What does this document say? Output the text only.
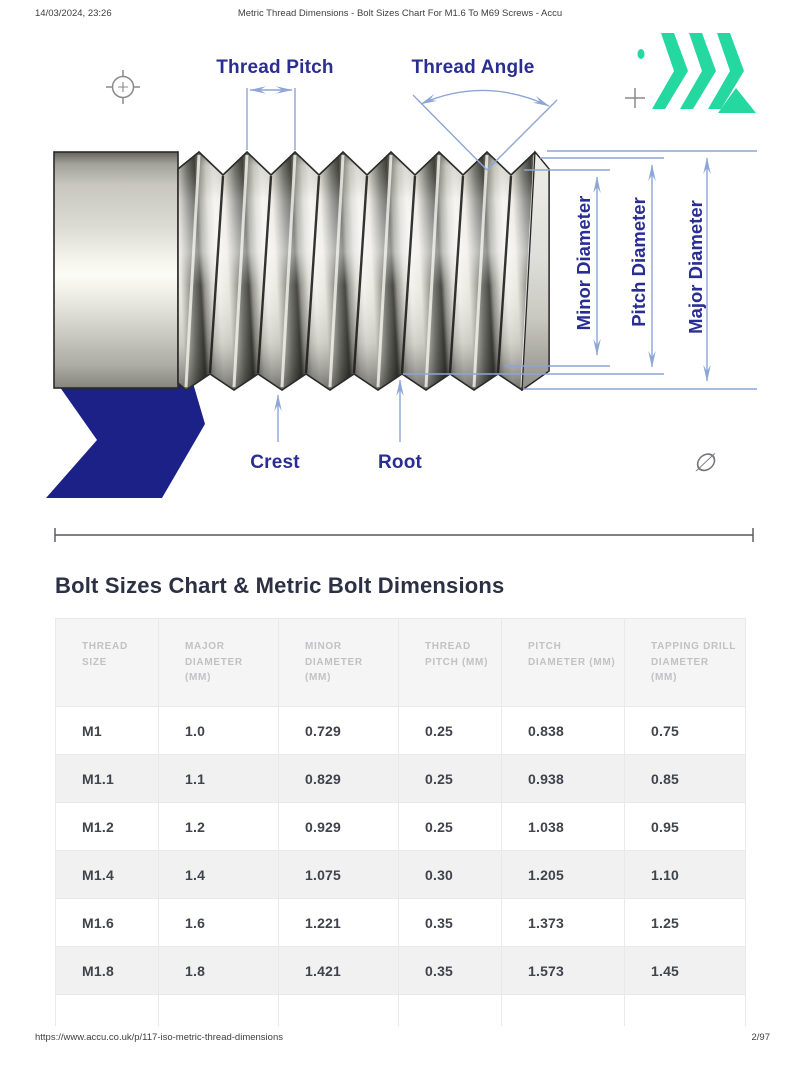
14/03/2024, 23:26	Metric Thread Dimensions - Bolt Sizes Chart For M1.6 To M69 Screws - Accu
Thread Pitch	Thread Angle
Minor Diameter Pitch Diameter Major Diameter
Crest	Root	∅
Bolt Sizes Chart & Metric Bolt Dimensions
THREAD SIZE	MAJOR DIAMETER (MM)	MINOR DIAMETER (MM)	THREAD PITCH (MM)	PITCH DIAMETER (MM)	TAPPING DRILL DIAMETER (MM)
M1	1.0	0.729	0.25	0.838	0.75
M1.1	1.1	0.829	0.25	0.938	0.85
M1.2	1.2	0.929	0.25	1.038	0.95
M1.4	1.4	1.075	0.30	1.205	1.10
M1.6	1.6	1.221	0.35	1.373	1.25
M1.8	1.8	1.421	0.35	1.573	1.45

https://www.accu.co.uk/p/117-iso-metric-thread-dimensions	2/97
